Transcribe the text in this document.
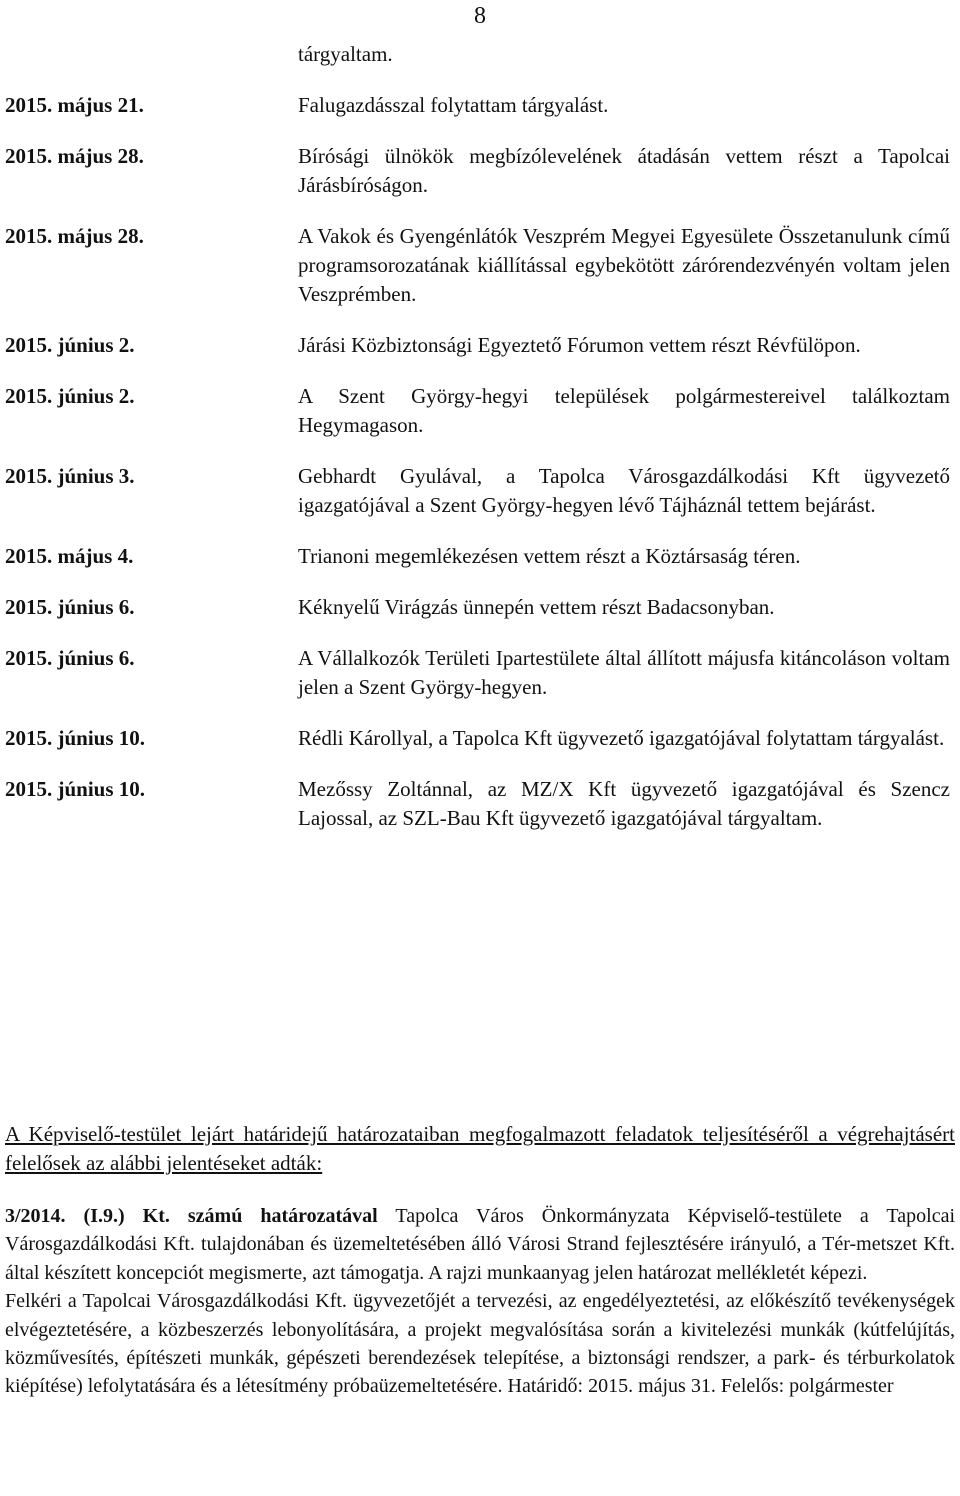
8
tárgyaltam.
2015. május 21.	Falugazdásszal folytattam tárgyalást.
2015. május 28.	Bírósági ülnökök megbízólevelének átadásán vettem részt a Tapolcai Járásbíróságon.
2015. május 28.	A Vakok és Gyengénlátók Veszprém Megyei Egyesülete Összetanulunk című programsorozatának kiállítással egybekötött zárórendezvényén voltam jelen Veszprémben.
2015. június 2.	Járási Közbiztonsági Egyeztető Fórumon vettem részt Révfülöpon.
2015. június 2.	A Szent György-hegyi települések polgármestereivel találkoztam Hegymagason.
2015. június 3.	Gebhardt Gyulával, a Tapolca Városgazdálkodási Kft ügyvezető igazgatójával a Szent György-hegyen lévő Tájháznál tettem bejárást.
2015. május 4.	Trianoni megemlékezésen vettem részt a Köztársaság téren.
2015. június 6.	Kéknyelű Virágzás ünnepén vettem részt Badacsonyban.
2015. június 6.	A Vállalkozók Területi Ipartestülete által állított májusfa kitáncoláson voltam jelen a Szent György-hegyen.
2015. június 10.	Rédli Károllyal, a Tapolca Kft ügyvezető igazgatójával folytattam tárgyalást.
2015. június 10.	Mezőssy Zoltánnal, az MZ/X Kft ügyvezető igazgatójával és Szencz Lajossal, az SZL-Bau Kft ügyvezető igazgatójával tárgyaltam.
A Képviselő-testület lejárt határidejű határozataiban megfogalmazott feladatok teljesítéséről a végrehajtásért felelősek az alábbi jelentéseket adták:

3/2014. (I.9.) Kt. számú határozatával Tapolca Város Önkormányzata Képviselő-testülete a Tapolcai Városgazdálkodási Kft. tulajdonában és üzemeltetésében álló Városi Strand fejlesztésére irányuló, a Tér-metszet Kft. által készített koncepciót megismerte, azt támogatja. A rajzi munkaanyag jelen határozat mellékletét képezi.

Felkéri a Tapolcai Városgazdálkodási Kft. ügyvezetőjét a tervezési, az engedélyeztetési, az előkészítő tevékenységek elvégeztetésére, a közbeszerzés lebonyolítására, a projekt megvalósítása során a kivitelezési munkák (kútfelújítás, közművesítés, építészeti munkák, gépészeti berendezések telepítése, a biztonsági rendszer, a park- és térburkolatok kiépítése) lefolytatására és a létesítmény próbaüzemeltetésére. Határidő: 2015. május 31. Felelős: polgármester
